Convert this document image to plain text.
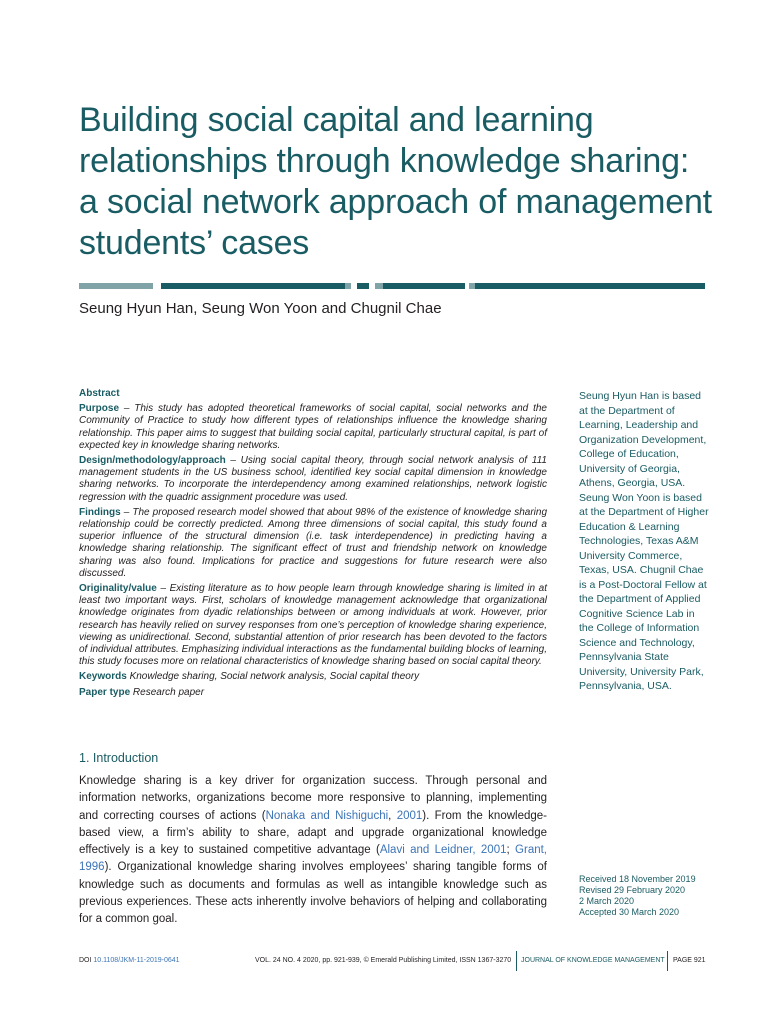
Building social capital and learning
relationships through knowledge sharing:
a social network approach of management
students’ cases
Seung Hyun Han, Seung Won Yoon and Chugnil Chae

Abstract

Purpose – This study has adopted theoretical frameworks of social capital, social networks and the Community of Practice to study how different types of relationships influence the knowledge sharing relationship. This paper aims to suggest that building social capital, particularly structural capital, is part of expected key in knowledge sharing networks.

Design/methodology/approach – Using social capital theory, through social network analysis of 111 management students in the US business school, identified key social capital dimension in knowledge sharing networks. To incorporate the interdependency among examined relationships, network logistic regression with the quadric assignment procedure was used.

Findings – The proposed research model showed that about 98% of the existence of knowledge sharing relationship could be correctly predicted. Among three dimensions of social capital, this study found a superior influence of the structural dimension (i.e. task interdependence) in predicting having a knowledge sharing relationship. The significant effect of trust and friendship network on knowledge sharing was also found. Implications for practice and suggestions for future research were also discussed.

Originality/value – Existing literature as to how people learn through knowledge sharing is limited in at least two important ways. First, scholars of knowledge management acknowledge that organizational knowledge originates from dyadic relationships between or among individuals at work. However, prior research has heavily relied on survey responses from one’s perception of knowledge sharing experience, viewing as unidirectional. Second, substantial attention of prior research has been devoted to the factors of individual attributes. Emphasizing individual interactions as the fundamental building blocks of learning, this study focuses more on relational characteristics of knowledge sharing based on social capital theory.

Keywords Knowledge sharing, Social network analysis, Social capital theory

Paper type Research paper

Seung Hyun Han is based
at the Department of
Learning, Leadership and
Organization Development,
College of Education,
University of Georgia,
Athens, Georgia, USA.
Seung Won Yoon is based
at the Department of Higher
Education & Learning
Technologies, Texas A&M
University Commerce,
Texas, USA. Chugnil Chae
is a Post-Doctoral Fellow at
the Department of Applied
Cognitive Science Lab in
the College of Information
Science and Technology,
Pennsylvania State
University, University Park,
Pennsylvania, USA.
1. Introduction
Knowledge sharing is a key driver for organization success. Through personal and
information networks, organizations become more responsive to planning, implementing
and correcting courses of actions (Nonaka and Nishiguchi, 2001). From the knowledge-
based view, a firm’s ability to share, adapt and upgrade organizational knowledge
effectively is a key to sustained competitive advantage (Alavi and Leidner, 2001; Grant,
1996). Organizational knowledge sharing involves employees’ sharing tangible forms of
knowledge such as documents and formulas as well as intangible knowledge such as
previous experiences. These acts inherently involve behaviors of helping and collaborating
for a common goal.
Received 18 November 2019
Revised 29 February 2020
2 March 2020
Accepted 30 March 2020
DOI 10.1108/JKM-11-2019-0641	VOL. 24 NO. 4 2020, pp. 921-939, © Emerald Publishing Limited, ISSN 1367-3270 JOURNAL OF KNOWLEDGE MANAGEMENT PAGE 921
